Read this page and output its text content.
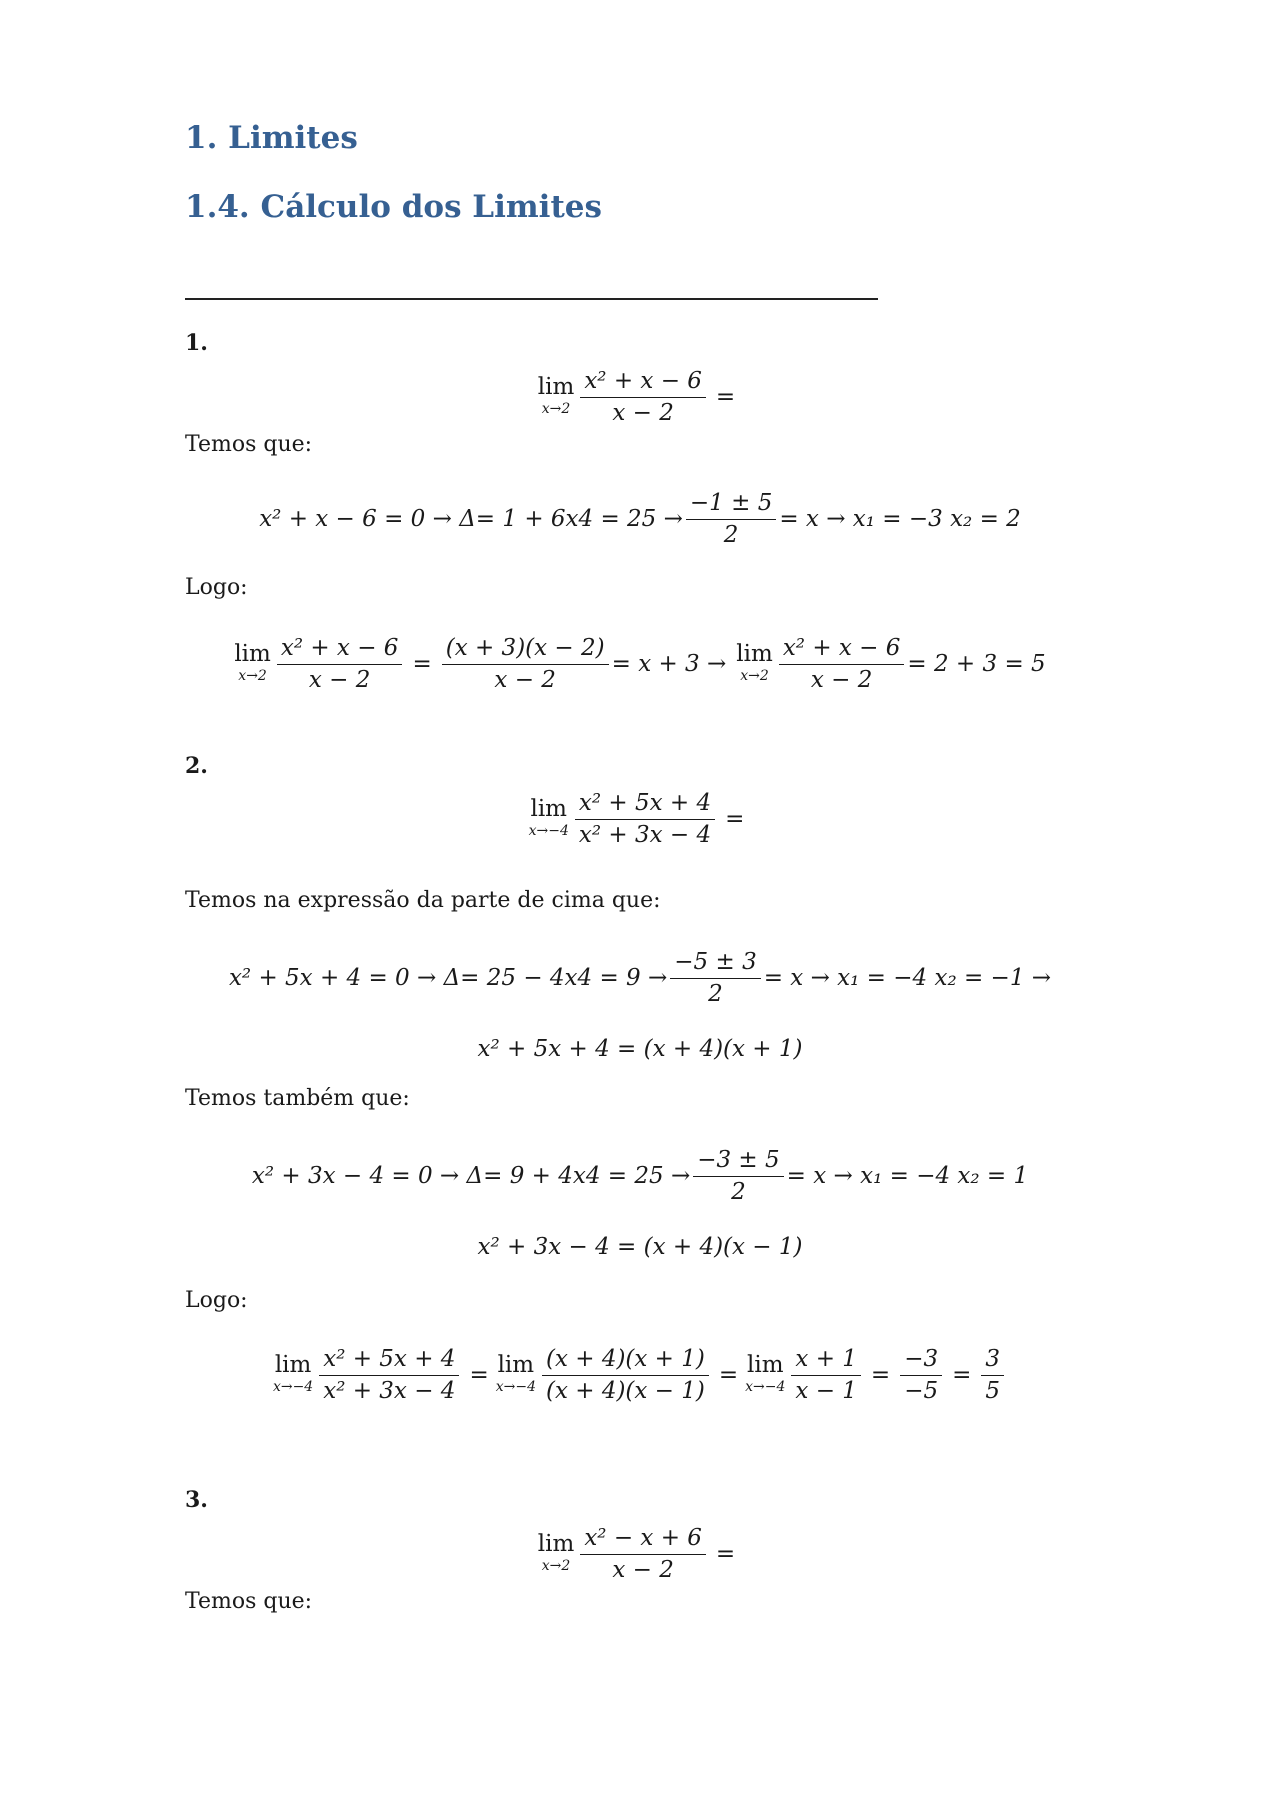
1. Limites
1.4. Cálculo dos Limites
1.
lim
$x\to 2 \frac{\text{x² + x − 6}}{x - 2}$ =
Temos que:
$x^2 + x - 6 = 0 \to \Delta= 1 + 6x4 = 25 \to \frac{-1 \pm 5}{2} = x \to x_1 = -3$ x₂ = 2
Logo:
lim
$x\to 2 \frac{\text{x² + x − 6}}{x - 2} = \frac{(x + 3)(x - 2)}{x - 2} = x + 3 \to \lim$
$x\to 2 \frac{\text{x² + x − 6}}{x - 2} = 2 + 3 = 5$
2.
lim
$x\to-4 \frac{\text{x² + 5x + 4}}{\text{x² + 3x − 4}}$ =
Temos na expressão da parte de cima que:
$x^2 + 5x + 4 = 0 \to \Delta= 25 - 4x4 = 9 \to \frac{-5 \pm 3}{2} = x \to x_1 = -4$ x₂ = −1 →
x² + 5x + 4 = (x + 4)(x + 1)
Temos também que:
$x^2 + 3x - 4 = 0 \to \Delta= 9 + 4x4 = 25 \to \frac{-3 \pm 5}{2} = x \to x_1 = -4$ x₂ = 1
x² + 3x − 4 = (x + 4)(x − 1)
Logo:
lim
$x\to-4 \frac{\text{x² + 5x + 4}}{\text{x² + 3x − 4}} = \lim$
$x\to-4 \frac{(x + 4)(x + 1)}{(x + 4)(x - 1)} = \lim$
$x\to-4 \frac{x + 1}{x - 1} = \frac{-3}{-5} = \frac{3}{5}$
3.
lim
$x\to 2 \frac{\text{x² − x + 6}}{x - 2}$ =
Temos que:
